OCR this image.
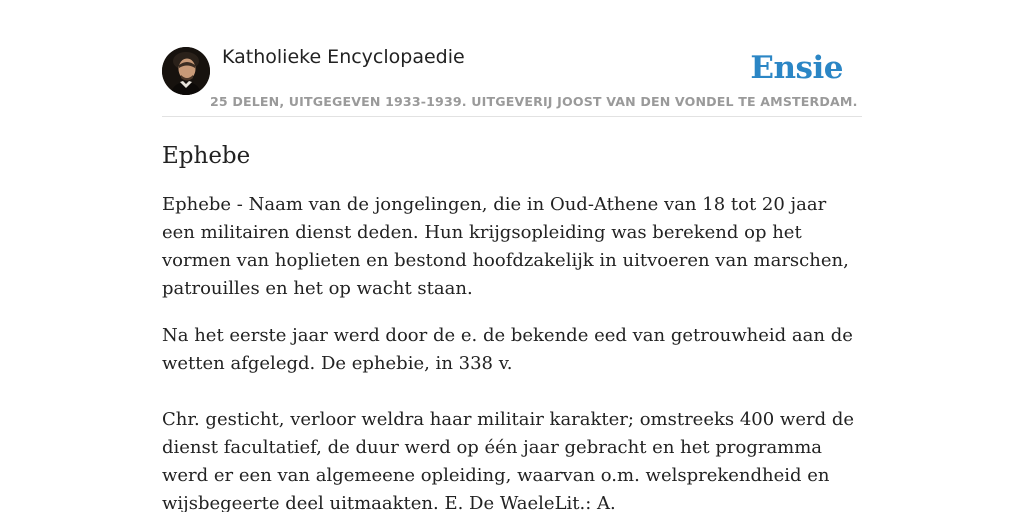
Katholieke Encyclopaedie	Ensie
25 DELEN, UITGEGEVEN 1933-1939. UITGEVERIJ JOOST VAN DEN VONDEL TE AMSTERDAM.
Ephebe

Ephebe - Naam van de jongelingen, die in Oud-Athene van 18 tot 20 jaar een militairen dienst deden. Hun krijgsopleiding was berekend op het vormen van hoplieten en bestond hoofdzakelijk in uitvoeren van marschen, patrouilles en het op wacht staan.

Na het eerste jaar werd door de e. de bekende eed van getrouwheid aan de wetten afgelegd. De ephebie, in 338 v.

Chr. gesticht, verloor weldra haar militair karakter; omstreeks 400 werd de dienst facultatief, de duur werd op één jaar gebracht en het programma werd er een van algemeene opleiding, waarvan o.m. welsprekendheid en wijsbegeerte deel uitmaakten. E. De WaeleLit.: A.
